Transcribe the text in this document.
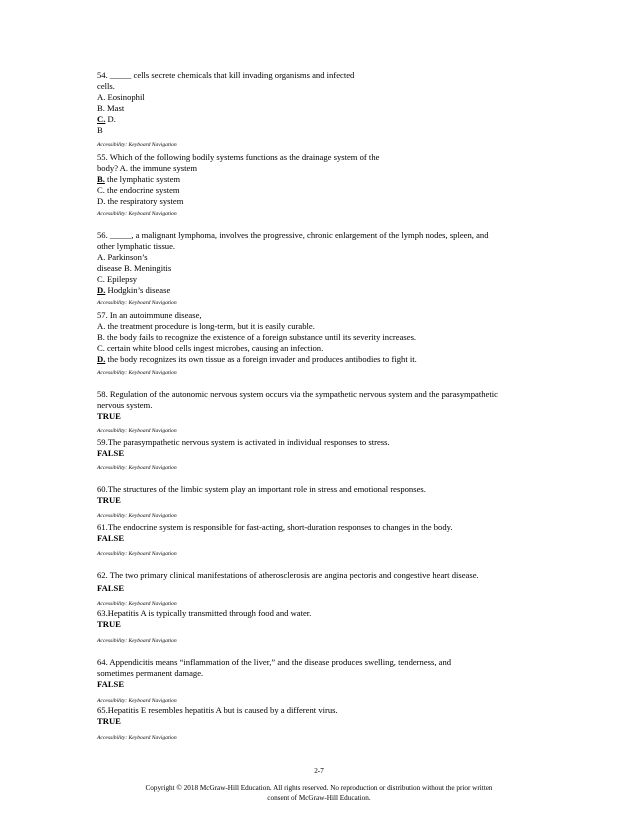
54. _____ cells secrete chemicals that kill invading organisms and infected
cells.
A. Eosinophil
B. Mast
C. D.
B
Accessibility: Keyboard Navigation
55. Which of the following bodily systems functions as the drainage system of the
body? A. the immune system
B. the lymphatic system
C. the endocrine system
D. the respiratory system
Accessibility: Keyboard Navigation
56. _____, a malignant lymphoma, involves the progressive, chronic enlargement of the lymph nodes, spleen, and
other lymphatic tissue.
A. Parkinson’s
disease B. Meningitis
C. Epilepsy
D. Hodgkin’s disease
Accessibility: Keyboard Navigation
57. In an autoimmune disease,
A. the treatment procedure is long-term, but it is easily curable.
B. the body fails to recognize the existence of a foreign substance until its severity increases.
C. certain white blood cells ingest microbes, causing an infection.
D. the body recognizes its own tissue as a foreign invader and produces antibodies to fight it.
Accessibility: Keyboard Navigation
58. Regulation of the autonomic nervous system occurs via the sympathetic nervous system and the parasympathetic
nervous system.
TRUE
Accessibility: Keyboard Navigation
59.The parasympathetic nervous system is activated in individual responses to stress.
FALSE
Accessibility: Keyboard Navigation
60.The structures of the limbic system play an important role in stress and emotional responses.
TRUE
Accessibility: Keyboard Navigation
61.The endocrine system is responsible for fast-acting, short-duration responses to changes in the body.
FALSE
Accessibility: Keyboard Navigation
62. The two primary clinical manifestations of atherosclerosis are angina pectoris and congestive heart disease.
FALSE
Accessibility: Keyboard Navigation
63.Hepatitis A is typically transmitted through food and water.
TRUE
Accessibility: Keyboard Navigation
64. Appendicitis means “inflammation of the liver,” and the disease produces swelling, tenderness, and
sometimes permanent damage.
FALSE
Accessibility: Keyboard Navigation
65.Hepatitis E resembles hepatitis A but is caused by a different virus.
TRUE
Accessibility: Keyboard Navigation
2-7
Copyright © 2018 McGraw-Hill Education. All rights reserved. No reproduction or distribution without the prior written
consent of McGraw-Hill Education.
